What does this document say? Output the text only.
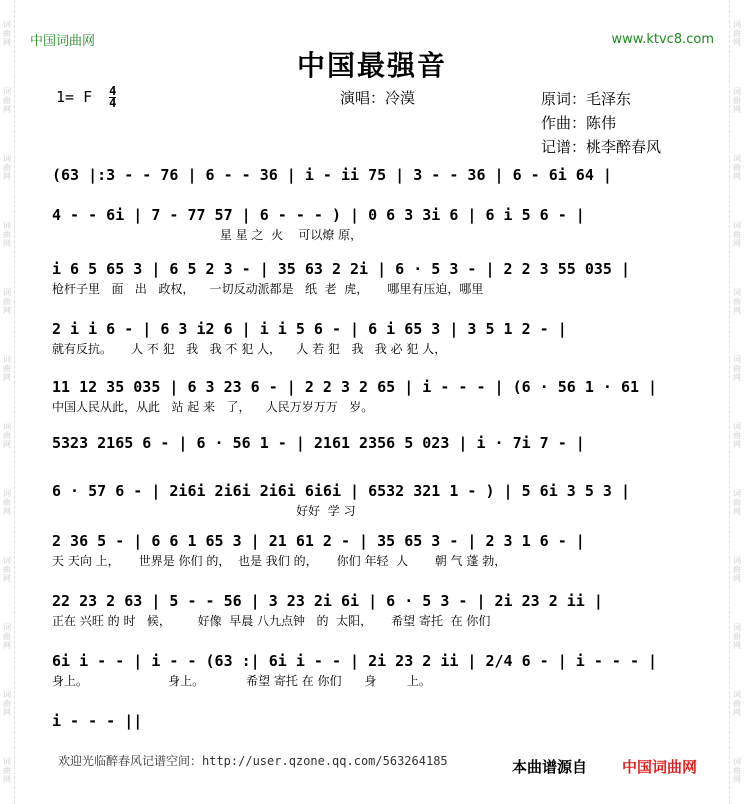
词曲网
词曲网
词曲网
词曲网
词曲网
词曲网
词曲网
词曲网
词曲网
词曲网
词曲网
词曲网
词曲网
词曲网
词曲网
词曲网
词曲网
词曲网
词曲网
词曲网
词曲网
词曲网
词曲网
词曲网
中国词曲网	www.ktvc8.com
中国最强音
1= F $\frac{4}{4}$	演唱：冷漠	原词：毛泽东
作曲：陈伟
记谱：桃李醉春风
(63 |:3 - - 76 | 6 - - 36 | i - ii 75 | 3 - - 36 | 6 - 6i 64 |
4 - - 6i | 7 - 77 57 | 6 - - - ) | 0 6 3 3i 6 | 6 i 5 6 - |
星 星 之  火    可以燎 原，
i 6 5 65 3 | 6 5 2 3 - | 35 63 2 2i | 6 · 5 3 - | 2 2 3 55 035 |
枪杆子里   面   出   政权，    一切反动派都是   纸  老  虎，     哪里有压迫，哪里
2 i i 6 - | 6 3 i2 6 | i i 5 6 - | 6 i 65 3 | 3 5 1 2 - |
就有反抗。     人 不 犯   我   我 不 犯 人，    人 若 犯   我   我 必 犯 人，
11 12 35 035 | 6 3 23 6 - | 2 2 3 2 65 | i - - - | (6 · 56 1 · 61 |
中国人民从此，从此   站 起 来   了，    人民万岁万万   岁。
5323 2165 6 - | 6 · 56 1 - | 2161 2356 5 023 | i · 7i 7 - |
6 · 57 6 - | 2i6i 2i6i 2i6i 6i6i | 6532 321 1 - ) | 5 6i 3 5 3 |
好好  学 习
2 36 5 - | 6 6 1 65 3 | 21 61 2 - | 35 65 3 - | 2 3 1 6 - |
天 天向 上，     世界是 你们 的，  也是 我们 的，     你们 年轻  人       朝 气 蓬 勃，
22 23 2 63 | 5 - - 56 | 3 23 2i 6i | 6 · 5 3 - | 2i 23 2 ii |
正在 兴旺 的 时   候，       好像  早晨 八九点钟   的  太阳，     希望 寄托  在 你们
6i i - - | i - - (63 :| 6i i - - | 2i 23 2 ii | 2/4 6 - | i - - - |
身上。                     身上。           希望 寄托 在 你们      身        上。
i - - - ||
欢迎光临醉春风记谱空间：http://user.qzone.qq.com/563264185	本曲谱源自 中国词曲网
